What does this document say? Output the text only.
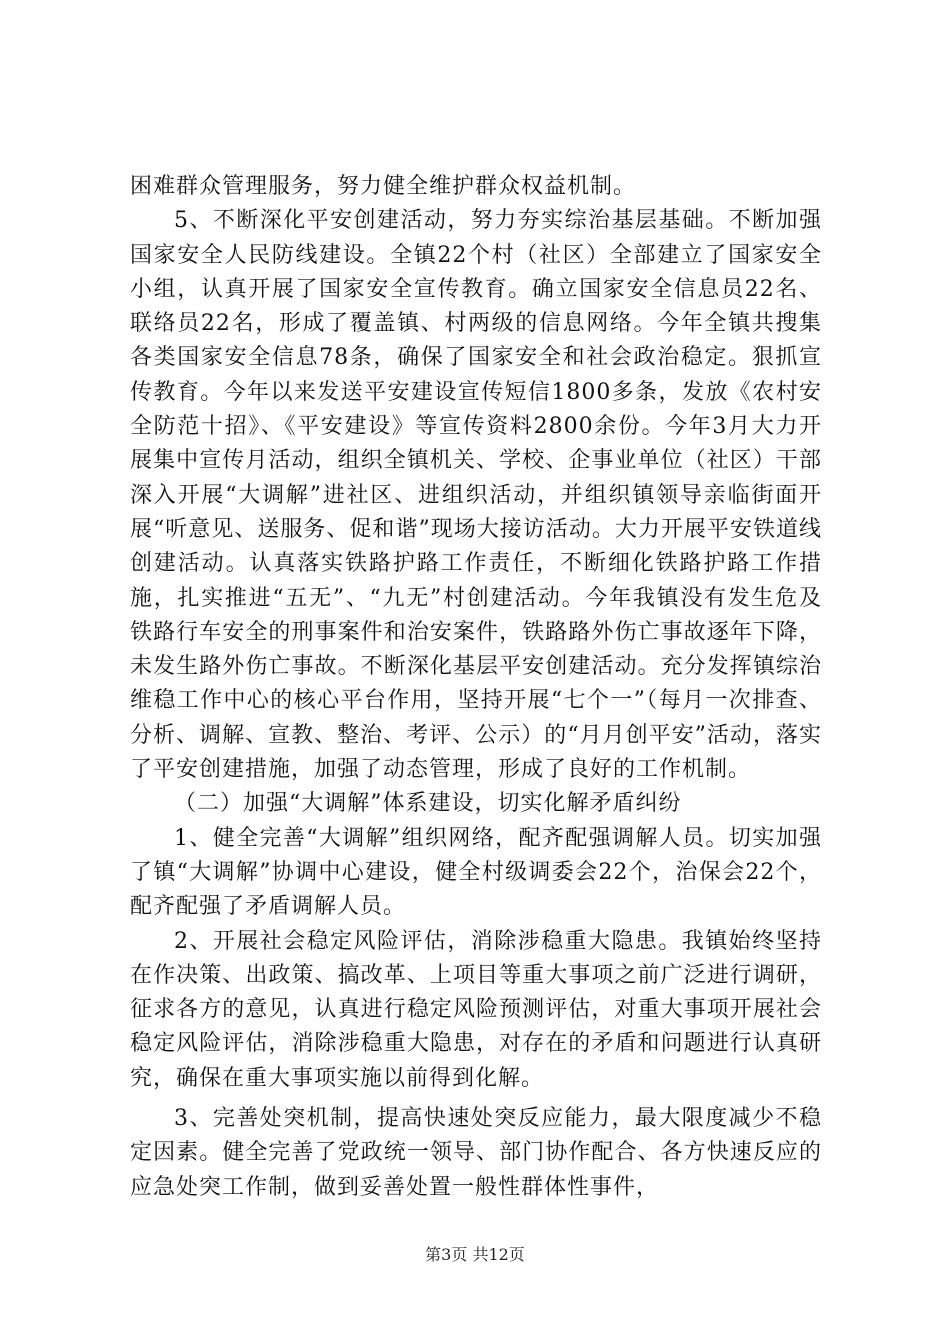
困难群众管理服务，努力健全维护群众权益机制。

5、不断深化平安创建活动，努力夯实综治基层基础。不断加强国家安全人民防线建设。全镇22个村（社区）全部建立了国家安全小组，认真开展了国家安全宣传教育。确立国家安全信息员22名、联络员22名，形成了覆盖镇、村两级的信息网络。今年全镇共搜集各类国家安全信息78条，确保了国家安全和社会政治稳定。狠抓宣传教育。今年以来发送平安建设宣传短信1800多条，发放《农村安全防范十招》、《平安建设》等宣传资料2800余份。今年3月大力开展集中宣传月活动，组织全镇机关、学校、企事业单位（社区）干部深入开展“大调解”进社区、进组织活动，并组织镇领导亲临街面开展“听意见、送服务、促和谐”现场大接访活动。大力开展平安铁道线创建活动。认真落实铁路护路工作责任，不断细化铁路护路工作措施，扎实推进“五无”、“九无”村创建活动。今年我镇没有发生危及铁路行车安全的刑事案件和治安案件，铁路路外伤亡事故逐年下降，未发生路外伤亡事故。不断深化基层平安创建活动。充分发挥镇综治维稳工作中心的核心平台作用，坚持开展“七个一”（每月一次排查、分析、调解、宣教、整治、考评、公示）的“月月创平安”活动，落实了平安创建措施，加强了动态管理，形成了良好的工作机制。

（二）加强“大调解”体系建设，切实化解矛盾纠纷

1、健全完善“大调解”组织网络，配齐配强调解人员。切实加强了镇“大调解”协调中心建设，健全村级调委会22个，治保会22个，配齐配强了矛盾调解人员。

2、开展社会稳定风险评估，消除涉稳重大隐患。我镇始终坚持在作决策、出政策、搞改革、上项目等重大事项之前广泛进行调研，征求各方的意见，认真进行稳定风险预测评估，对重大事项开展社会稳定风险评估，消除涉稳重大隐患，对存在的矛盾和问题进行认真研究，确保在重大事项实施以前得到化解。

3、完善处突机制，提高快速处突反应能力，最大限度减少不稳定因素。健全完善了党政统一领导、部门协作配合、各方快速反应的应急处突工作制，做到妥善处置一般性群体性事件，

第3页 共12页
